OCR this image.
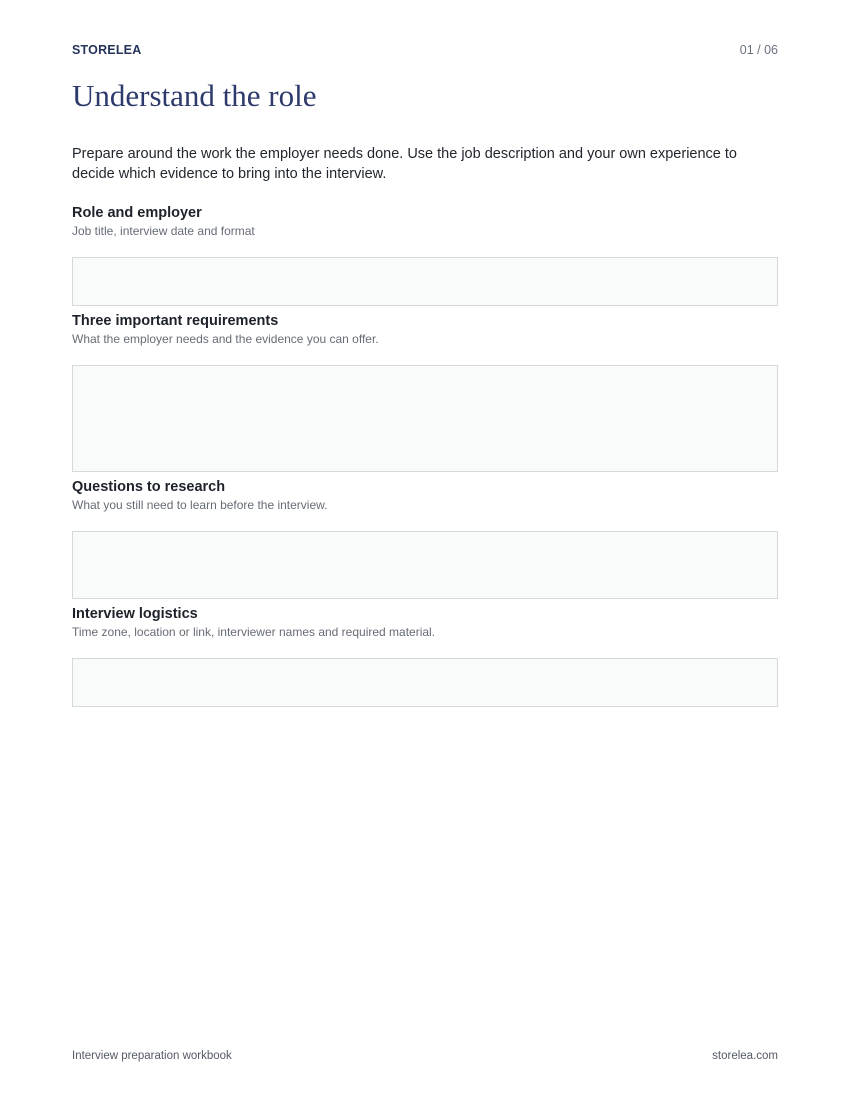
STORELEA	01 / 06
Understand the role

Prepare around the work the employer needs done. Use the job description and your own experience to decide which evidence to bring into the interview.

Role and employer
Job title, interview date and format
Three important requirements
What the employer needs and the evidence you can offer.
Questions to research
What you still need to learn before the interview.
Interview logistics
Time zone, location or link, interviewer names and required material.
Interview preparation workbook	storelea.com
